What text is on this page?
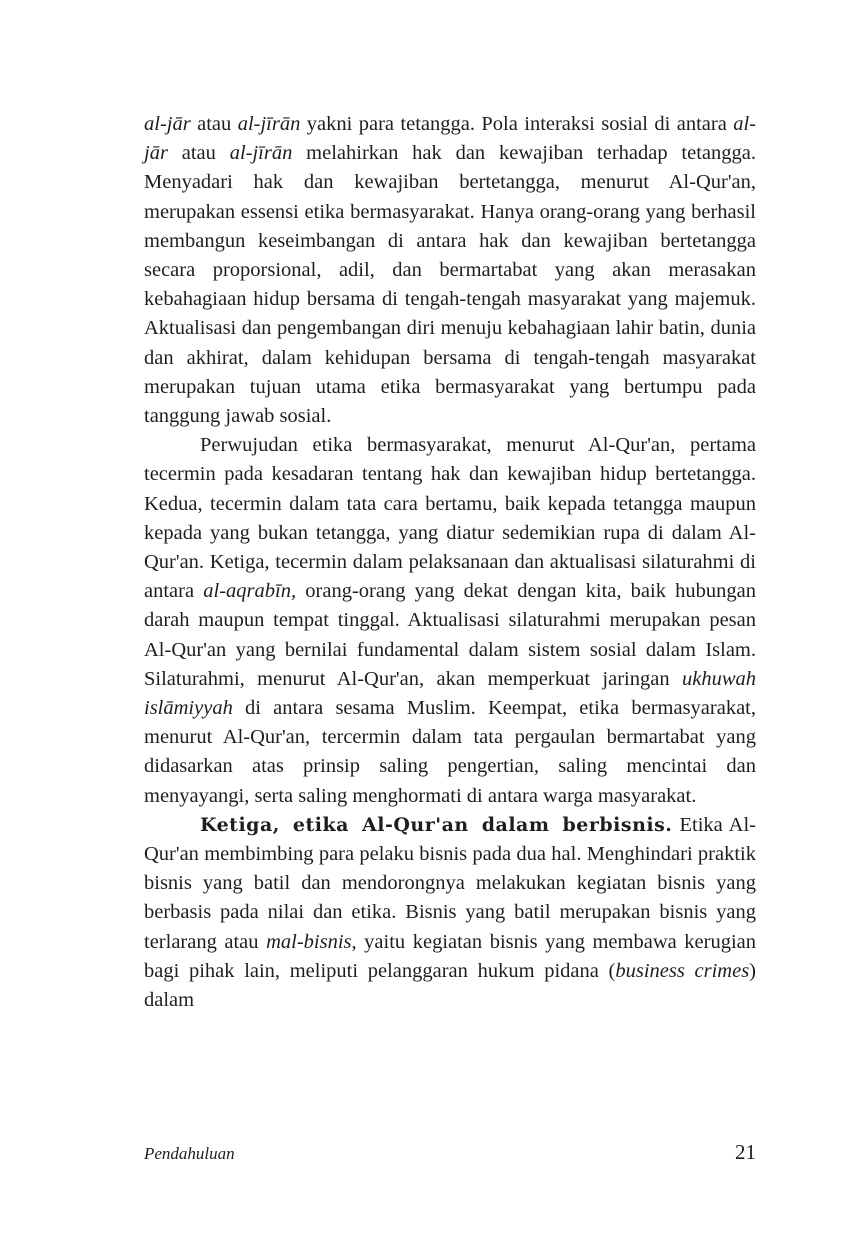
al-jār atau al-jīrān yakni para tetangga. Pola interaksi sosial di antara al-jār atau al-jīrān melahirkan hak dan kewajiban terhadap tetangga. Menyadari hak dan kewajiban bertetangga, menurut Al-Qur'an, merupakan essensi etika bermasyarakat. Hanya orang-orang yang berhasil membangun keseimbangan di antara hak dan kewajiban bertetangga secara proporsional, adil, dan bermartabat yang akan merasakan kebahagiaan hidup bersama di tengah-tengah masyarakat yang majemuk. Aktualisasi dan pengembangan diri menuju kebahagiaan lahir batin, dunia dan akhirat, dalam kehidupan bersama di tengah-tengah masyarakat merupakan tujuan utama etika bermasyarakat yang bertumpu pada tanggung jawab sosial.

Perwujudan etika bermasyarakat, menurut Al-Qur'an, pertama tecermin pada kesadaran tentang hak dan kewajiban hidup bertetangga. Kedua, tecermin dalam tata cara bertamu, baik kepada tetangga maupun kepada yang bukan tetangga, yang diatur sedemikian rupa di dalam Al-Qur'an. Ketiga, tecermin dalam pelaksanaan dan aktualisasi silaturahmi di antara al-aqrabīn, orang-orang yang dekat dengan kita, baik hubungan darah maupun tempat tinggal. Aktualisasi silaturahmi merupakan pesan Al-Qur'an yang bernilai fundamental dalam sistem sosial dalam Islam. Silaturahmi, menurut Al-Qur'an, akan memperkuat jaringan ukhuwah islāmiyyah di antara sesama Muslim. Keempat, etika bermasyarakat, menurut Al-Qur'an, tercermin dalam tata pergaulan bermartabat yang didasarkan atas prinsip saling pengertian, saling mencintai dan menyayangi, serta saling menghormati di antara warga masyarakat.

Ketiga, etika Al-Qur'an dalam berbisnis. Etika Al-Qur'an membimbing para pelaku bisnis pada dua hal. Menghindari praktik bisnis yang batil dan mendorongnya melakukan kegiatan bisnis yang berbasis pada nilai dan etika. Bisnis yang batil merupakan bisnis yang terlarang atau mal-bisnis, yaitu kegiatan bisnis yang membawa kerugian bagi pihak lain, meliputi pelanggaran hukum pidana (business crimes) dalam

Pendahuluan	21
